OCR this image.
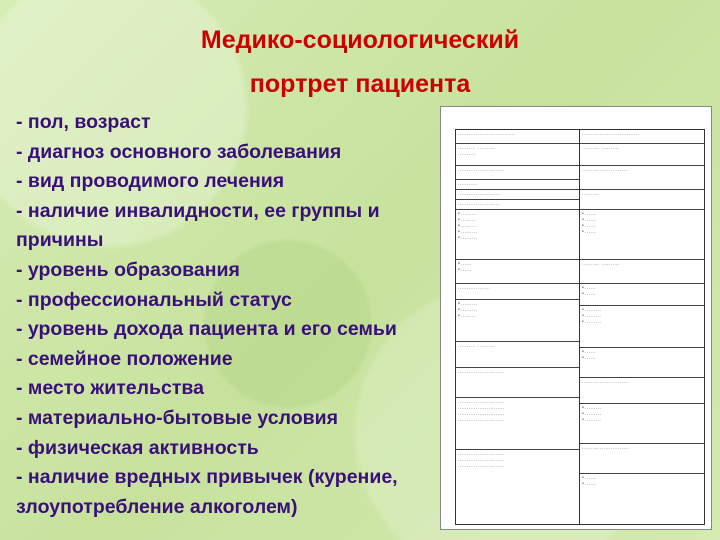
Медико-социологический
портрет пациента
- пол, возраст
- диагноз основного заболевания
- вид проводимого лечения
- наличие инвалидности, ее группы и причины
- уровень образования
- профессиональный статус
- уровень дохода пациента и его семьи
- семейное положение
- место жительства
- материально-бытовые условия
- физическая активность
- наличие вредных привычек (курение, злоупотребление алкоголем)
................................
.......... ..........
..........
..........................
...........
........................
........................
• .........
• .........
• .........
• .........
• .........
• ......
• ......
..................
• .........
• .........
• .........
.......... ..........
..........................
..........................
..........................
..........................
..........................
..........................
..........................
..........................
................................
.......... ..........
..........................
..........
• ......
• ......
• ......
• ......
.......... ..........
• ......
• ......
• .........
• .........
• .........
• ......
• ......
..........................
• .........
• .........
• .........
..........................
• ......
• ......
